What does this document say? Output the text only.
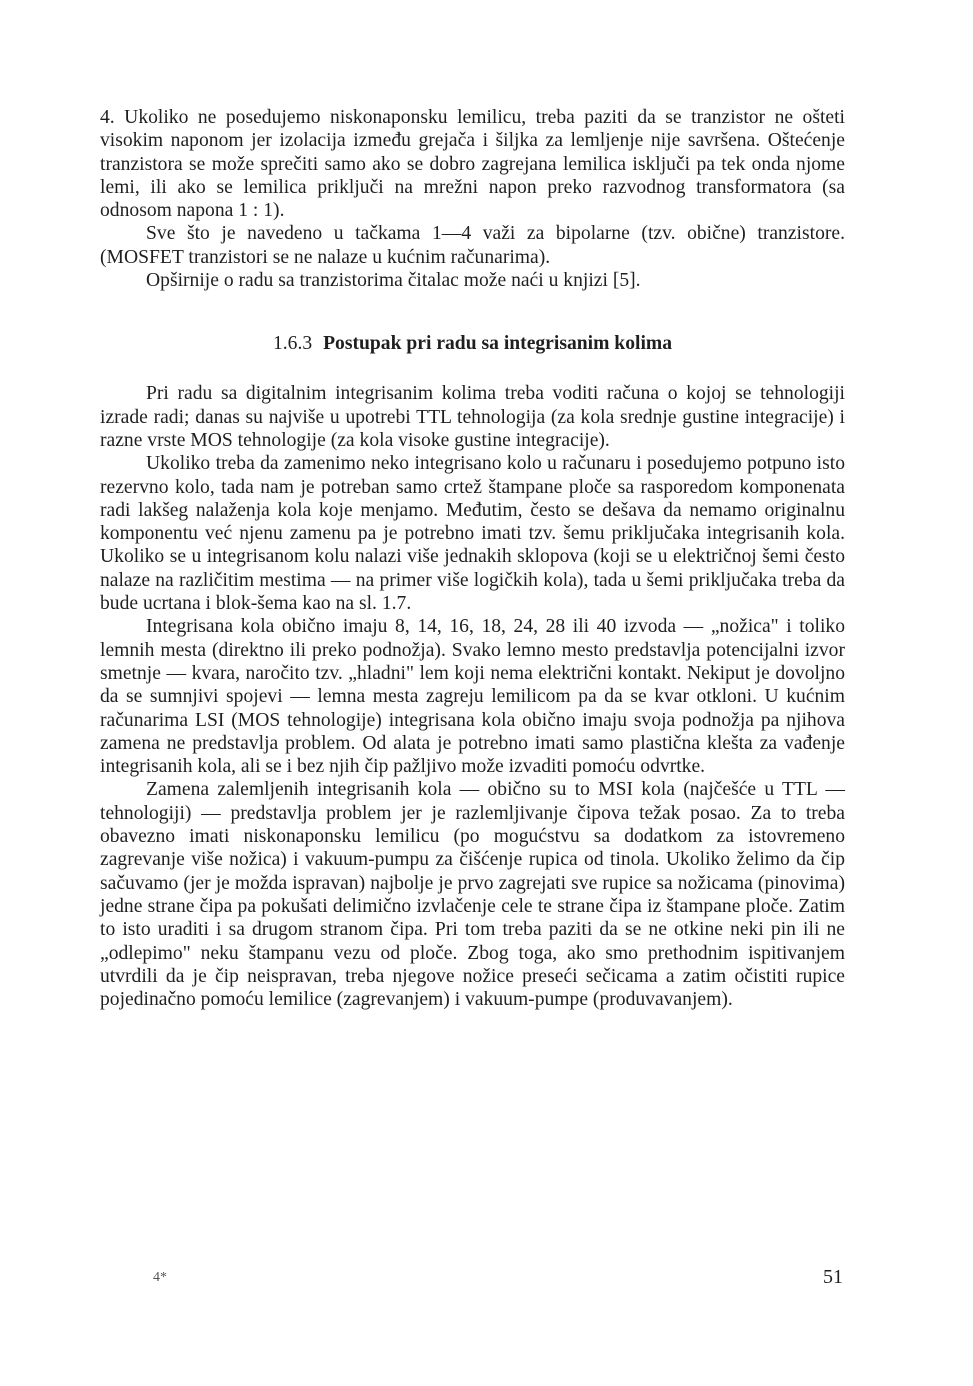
4. Ukoliko ne posedujemo niskonaponsku lemilicu, treba paziti da se tranzistor ne ošteti visokim naponom jer izolacija između grejača i šiljka za lemljenje nije savršena. Oštećenje tranzistora se može sprečiti samo ako se dobro zagrejana lemilica isključi pa tek onda njome lemi, ili ako se lemilica priključi na mrežni napon preko razvodnog transformatora (sa odnosom napona 1 : 1).

Sve što je navedeno u tačkama 1—4 važi za bipolarne (tzv. obične) tranzistore. (MOSFET tranzistori se ne nalaze u kućnim računarima).

Opširnije o radu sa tranzistorima čitalac može naći u knjizi [5].

1.6.3 Postupak pri radu sa integrisanim kolima

Pri radu sa digitalnim integrisanim kolima treba voditi računa o kojoj se tehnologiji izrade radi; danas su najviše u upotrebi TTL tehnologija (za kola srednje gustine integracije) i razne vrste MOS tehnologije (za kola visoke gustine integracije).

Ukoliko treba da zamenimo neko integrisano kolo u računaru i posedujemo potpuno isto rezervno kolo, tada nam je potreban samo crtež štampane ploče sa rasporedom komponenata radi lakšeg nalaženja kola koje menjamo. Međutim, često se dešava da nemamo originalnu komponentu već njenu zamenu pa je potrebno imati tzv. šemu priključaka integrisanih kola. Ukoliko se u integrisanom kolu nalazi više jednakih sklopova (koji se u električnoj šemi često nalaze na različitim mestima — na primer više logičkih kola), tada u šemi priključaka treba da bude ucrtana i blok-šema kao na sl. 1.7.

Integrisana kola obično imaju 8, 14, 16, 18, 24, 28 ili 40 izvoda — „nožica" i toliko lemnih mesta (direktno ili preko podnožja). Svako lemno mesto predstavlja potencijalni izvor smetnje — kvara, naročito tzv. „hladni" lem koji nema električni kontakt. Nekiput je dovoljno da se sumnjivi spojevi — lemna mesta zagreju lemilicom pa da se kvar otkloni. U kućnim računarima LSI (MOS tehnologije) integrisana kola obično imaju svoja podnožja pa njihova zamena ne predstavlja problem. Od alata je potrebno imati samo plastična klešta za vađenje integrisanih kola, ali se i bez njih čip pažljivo može izvaditi pomoću odvrtke.

Zamena zalemljenih integrisanih kola — obično su to MSI kola (najčešće u TTL — tehnologiji) — predstavlja problem jer je razlemljivanje čipova težak posao. Za to treba obavezno imati niskonaponsku lemilicu (po mogućstvu sa dodatkom za istovremeno zagrevanje više nožica) i vakuum-pumpu za čišćenje rupica od tinola. Ukoliko želimo da čip sačuvamo (jer je možda ispravan) najbolje je prvo zagrejati sve rupice sa nožicama (pinovima) jedne strane čipa pa pokušati delimično izvlačenje cele te strane čipa iz štampane ploče. Zatim to isto uraditi i sa drugom stranom čipa. Pri tom treba paziti da se ne otkine neki pin ili ne „odlepimo" neku štampanu vezu od ploče. Zbog toga, ako smo prethodnim ispitivanjem utvrdili da je čip neispravan, treba njegove nožice preseći sečicama a zatim očistiti rupice pojedinačno pomoću lemilice (zagrevanjem) i vakuum-pumpe (produvavanjem).

4*	51
